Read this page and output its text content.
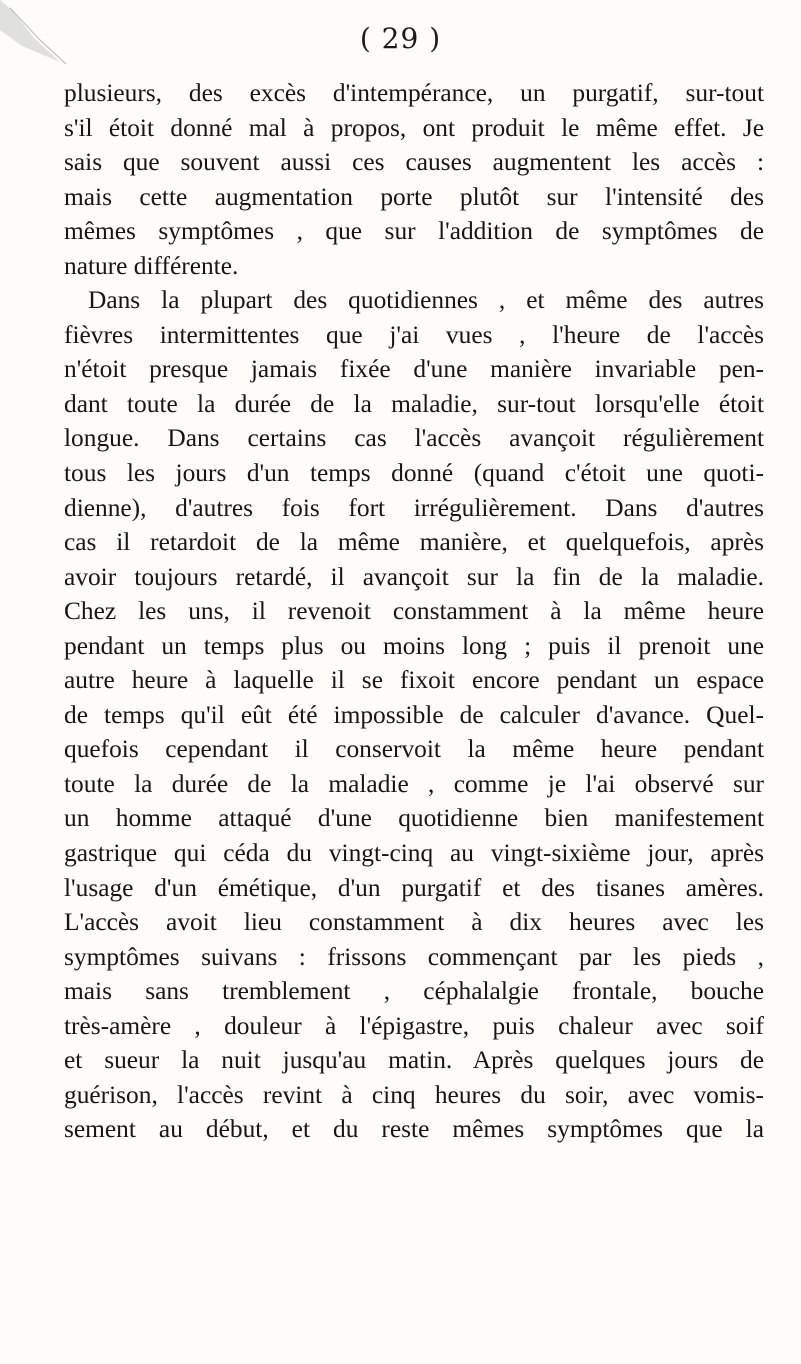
( 29 )
plusieurs, des excès d'intempérance, un purgatif, sur-tout
s'il étoit donné mal à propos, ont produit le même effet. Je
sais que souvent aussi ces causes augmentent les accès :
mais cette augmentation porte plutôt sur l'intensité des
mêmes symptômes , que sur l'addition de symptômes de
nature différente.
Dans la plupart des quotidiennes , et même des autres
fièvres intermittentes que j'ai vues , l'heure de l'accès
n'étoit presque jamais fixée d'une manière invariable pen-
dant toute la durée de la maladie, sur-tout lorsqu'elle étoit
longue. Dans certains cas l'accès avançoit régulièrement
tous les jours d'un temps donné (quand c'étoit une quoti-
dienne), d'autres fois fort irrégulièrement. Dans d'autres
cas il retardoit de la même manière, et quelquefois, après
avoir toujours retardé, il avançoit sur la fin de la maladie.
Chez les uns, il revenoit constamment à la même heure
pendant un temps plus ou moins long ; puis il prenoit une
autre heure à laquelle il se fixoit encore pendant un espace
de temps qu'il eût été impossible de calculer d'avance. Quel-
quefois cependant il conservoit la même heure pendant
toute la durée de la maladie , comme je l'ai observé sur
un homme attaqué d'une quotidienne bien manifestement
gastrique qui céda du vingt-cinq au vingt-sixième jour, après
l'usage d'un émétique, d'un purgatif et des tisanes amères.
L'accès avoit lieu constamment à dix heures avec les
symptômes suivans : frissons commençant par les pieds ,
mais sans tremblement , céphalalgie frontale, bouche
très-amère , douleur à l'épigastre, puis chaleur avec soif
et sueur la nuit jusqu'au matin. Après quelques jours de
guérison, l'accès revint à cinq heures du soir, avec vomis-
sement au début, et du reste mêmes symptômes que la
